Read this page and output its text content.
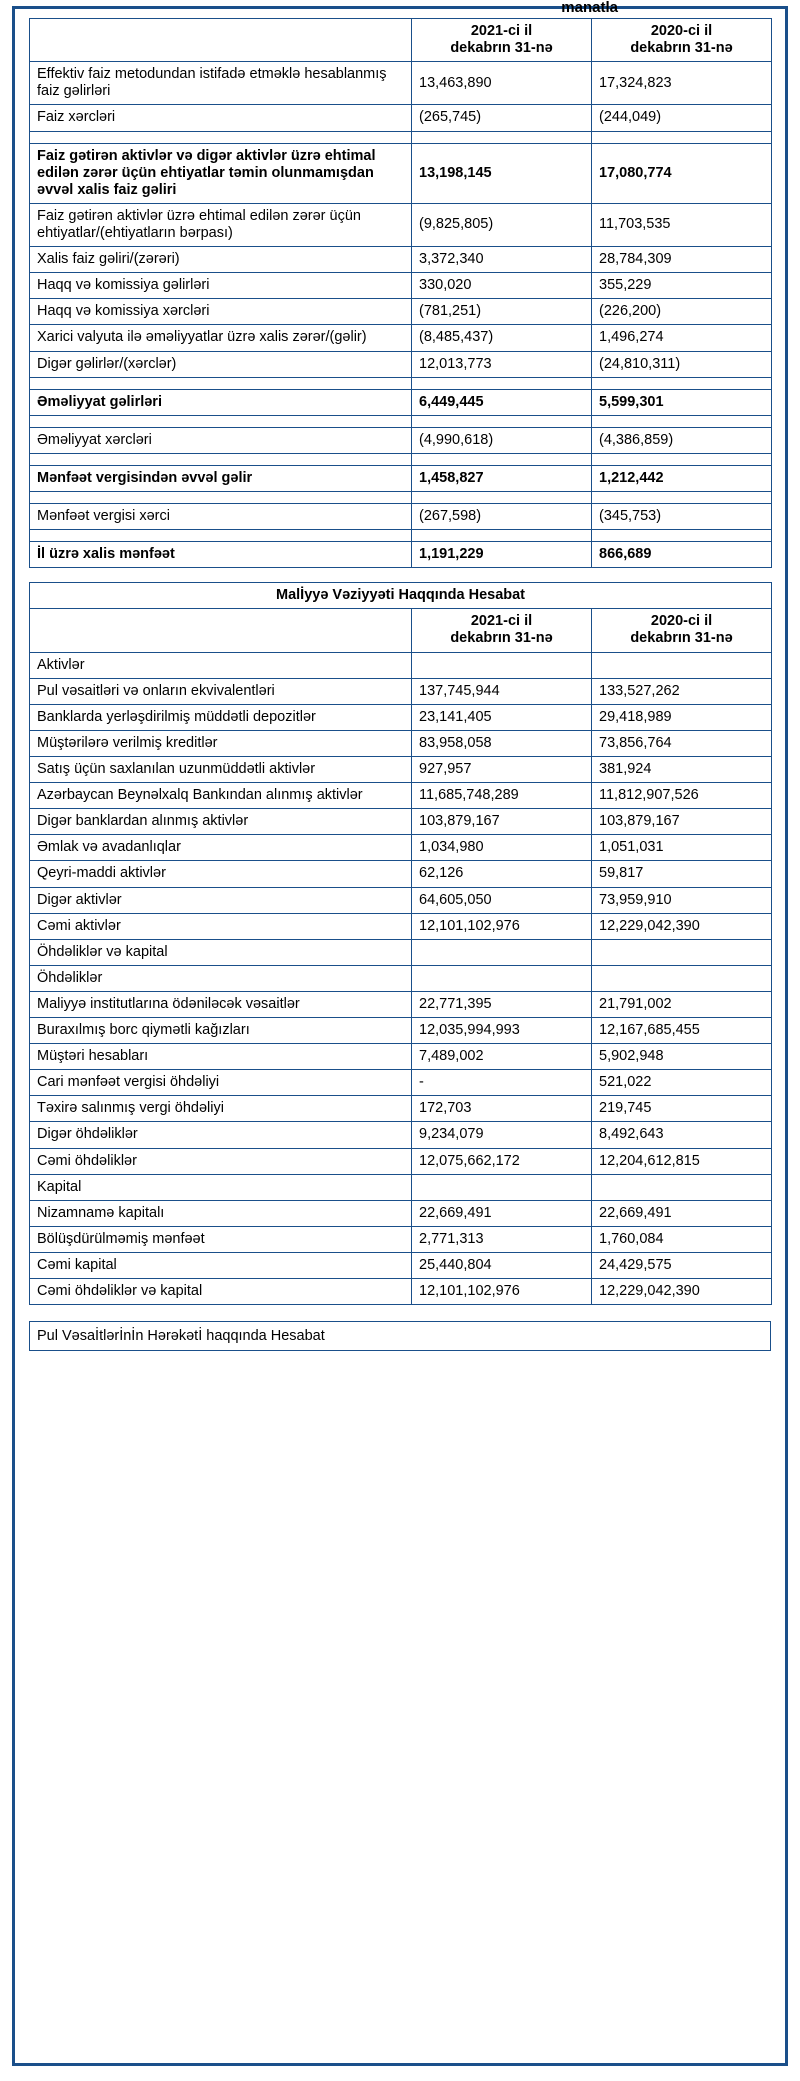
manatla
	2021-ci il
dekabrın 31-nə	2020-ci il
dekabrın 31-nə
Effektiv faiz metodundan istifadə etməklə hesablanmış faiz gəlirləri	13,463,890	17,324,823
Faiz xərcləri	(265,745)	(244,049)

Faiz gətirən aktivlər və digər aktivlər üzrə ehtimal edilən zərər üçün ehtiyatlar təmin olunmamışdan əvvəl xalis faiz gəliri	13,198,145	17,080,774
Faiz gətirən aktivlər üzrə ehtimal edilən zərər üçün ehtiyatlar/(ehtiyatların bərpası)	(9,825,805)	11,703,535
Xalis faiz gəliri/(zərəri)	3,372,340	28,784,309
Haqq və komissiya gəlirləri	330,020	355,229
Haqq və komissiya xərcləri	(781,251)	(226,200)
Xarici valyuta ilə əməliyyatlar üzrə xalis zərər/(gəlir)	(8,485,437)	1,496,274
Digər gəlirlər/(xərclər)	12,013,773	(24,810,311)

Əməliyyat gəlirləri	6,449,445	5,599,301

Əməliyyat xərcləri	(4,990,618)	(4,386,859)

Mənfəət vergisindən əvvəl gəlir	1,458,827	1,212,442

Mənfəət vergisi xərci	(267,598)	(345,753)

İl üzrə xalis mənfəət	1,191,229	866,689
Malİyyə Vəziyyəti Haqqında Hesabat		
	2021-ci il
dekabrın 31-nə	2020-ci il
dekabrın 31-nə
Aktivlər		
Pul vəsaitləri və onların ekvivalentləri	137,745,944	133,527,262
Banklarda yerləşdirilmiş müddətli depozitlər	23,141,405	29,418,989
Müştərilərə verilmiş kreditlər	83,958,058	73,856,764
Satış üçün saxlanılan uzunmüddətli aktivlər	927,957	381,924
Azərbaycan Beynəlxalq Bankından alınmış aktivlər	11,685,748,289	11,812,907,526
Digər banklardan alınmış aktivlər	103,879,167	103,879,167
Əmlak və avadanlıqlar	1,034,980	1,051,031
Qeyri-maddi aktivlər	62,126	59,817
Digər aktivlər	64,605,050	73,959,910
Cəmi aktivlər	12,101,102,976	12,229,042,390
Öhdəliklər və kapital		
Öhdəliklər		
Maliyyə institutlarına ödəniləcək vəsaitlər	22,771,395	21,791,002
Buraxılmış borc qiymətli kağızları	12,035,994,993	12,167,685,455
Müştəri hesabları	7,489,002	5,902,948
Cari mənfəət vergisi öhdəliyi	-	521,022
Təxirə salınmış vergi öhdəliyi	172,703	219,745
Digər öhdəliklər	9,234,079	8,492,643
Cəmi öhdəliklər	12,075,662,172	12,204,612,815
Kapital		
Nizamnamə kapitalı	22,669,491	22,669,491
Bölüşdürülməmiş mənfəət	2,771,313	1,760,084
Cəmi kapital	25,440,804	24,429,575
Cəmi öhdəliklər və kapital	12,101,102,976	12,229,042,390
Pul Vəsaİtlərİnİn Hərəkətİ haqqında Hesabat
